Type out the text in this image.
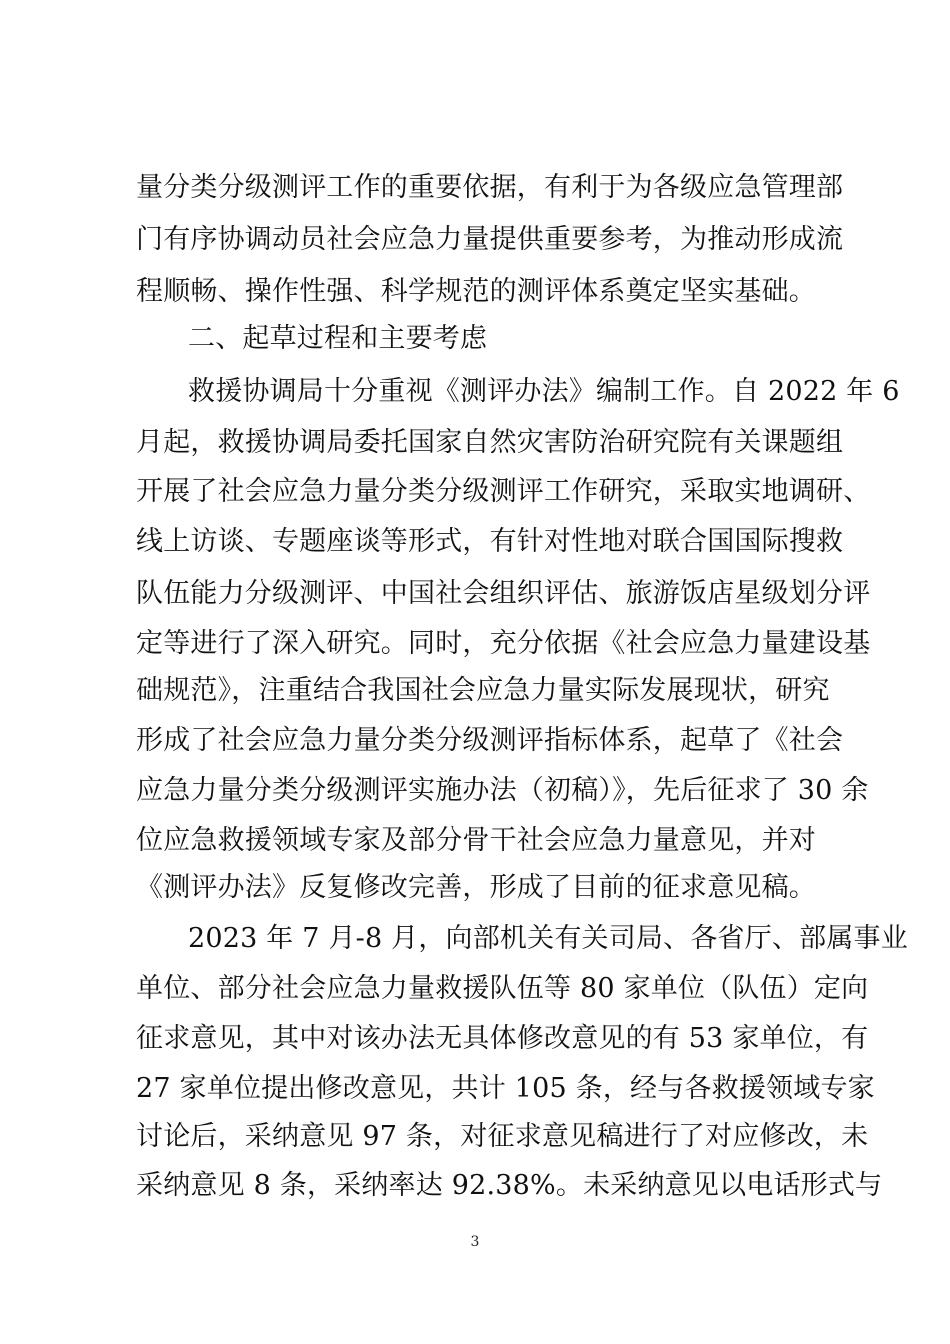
量分类分级测评工作的重要依据，有利于为各级应急管理部
门有序协调动员社会应急力量提供重要参考，为推动形成流
程顺畅、操作性强、科学规范的测评体系奠定坚实基础。
二、起草过程和主要考虑
救援协调局十分重视《测评办法》编制工作。自 2022 年 6
月起，救援协调局委托国家自然灾害防治研究院有关课题组
开展了社会应急力量分类分级测评工作研究，采取实地调研、
线上访谈、专题座谈等形式，有针对性地对联合国国际搜救
队伍能力分级测评、中国社会组织评估、旅游饭店星级划分评
定等进行了深入研究。同时，充分依据《社会应急力量建设基
础规范》，注重结合我国社会应急力量实际发展现状，研究
形成了社会应急力量分类分级测评指标体系，起草了《社会
应急力量分类分级测评实施办法（初稿）》，先后征求了 30 余
位应急救援领域专家及部分骨干社会应急力量意见，并对
《测评办法》反复修改完善，形成了目前的征求意见稿。
2023 年 7 月-8 月，向部机关有关司局、各省厅、部属事业
单位、部分社会应急力量救援队伍等 80 家单位（队伍）定向
征求意见，其中对该办法无具体修改意见的有 53 家单位，有
27 家单位提出修改意见，共计 105 条，经与各救援领域专家
讨论后，采纳意见 97 条，对征求意见稿进行了对应修改，未
采纳意见 8 条，采纳率达 92.38%。未采纳意见以电话形式与
3
